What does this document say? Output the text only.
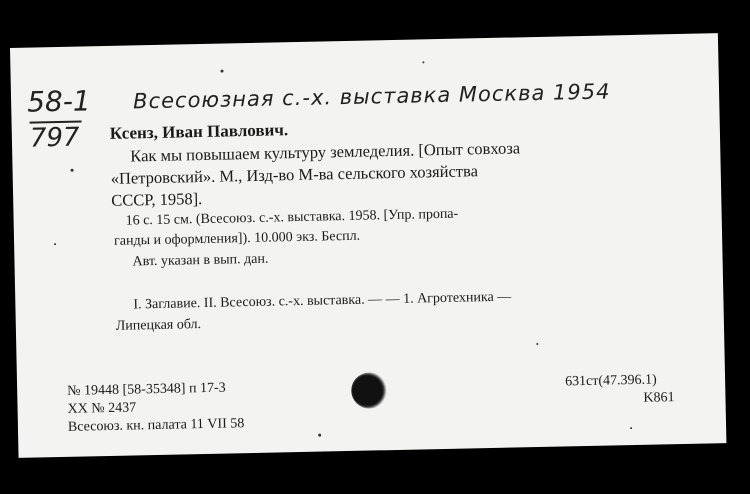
58-1
797
Всесоюзная с.-х. выставка Москва 1954
Ксенз, Иван Павлович.
Как мы повышаем культуру земледелия. [Опыт совхоза
«Петровский». М., Изд-во М-ва сельского хозяйства
СССР, 1958].
16 с. 15 см. (Всесоюз. с.-х. выставка. 1958. [Упр. пропа-
ганды и оформления]). 10.000 экз. Беспл.
Авт. указан в вып. дан.
I. Заглавие. II. Всесоюз. с.-х. выставка. — — 1. Агротехника —
Липецкая обл.
№ 19448 [58-35348] п 17-3
XX № 2437
Всесоюз. кн. палата 11 VII 58
631ст(47.396.1)
K861
